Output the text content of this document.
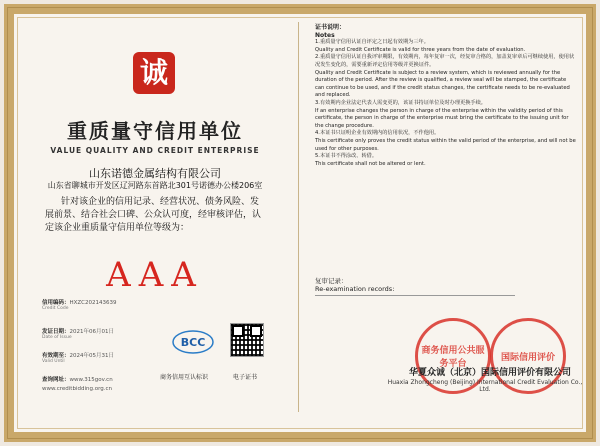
诚
重质量守信用单位
VALUE QUALITY AND CREDIT ENTERPRISE
山东诺德金属结构有限公司
山东省聊城市开发区辽河路东首路北301号诺德办公楼206室
针对该企业的信用记录、经营状况、债务风险、发展前景、结合社会口碑、公众认可度，经审核评估，认定该企业重质量守信用单位等级为：
AAA
信用编码：HXZC202143639
Credit Code
发证日期：2021年06月01日
Date of Issue
有效期至：2024年05月31日
Valid Until
查询网址：www.315gov.cn
www.creditbidding.org.cn
BCC
商务信用互认标识	电子证书

证书说明：

Notes

1.重质量守信用认证自评定之日起有效期为三年。

Quality and Credit Certificate is valid for three years from the date of evaluation.

2.重质量守信用认证自我评审期限，有效期内，每年复审一次，经复审合格的，加盖复审章后可继续使用，使用状况发生变化的，需要重新评定信用等级并更换证件。

Quality and Credit Certificate is subject to a review system, which is reviewed annually for the duration of the period. After the review is qualified, a review seal will be stamped, the certificate can continue to be used, and if the credit status changes, the certificate needs to be re-evaluated and replaced.

3.有效期内企业法定代表人需变更的，该证书持证单位及时办理更换手续。

If an enterprise changes the person in charge of the enterprise within the validity period of this certificate, the person in charge of the enterprise must bring the certificate to the issuing unit for the change procedure.

4.本证书只证明企业有效期内的信用状况，不作他用。

This certificate only proves the credit status within the valid period of the enterprise, and will not be used for other purposes.

5.本证书不得涂改、转借。

This certificate shall not be altered or lent.

复审记录：
Re-examination records:
商务信用公共服务平台
国际信用评价
华夏众诚（北京）国际信用评价有限公司
Huaxia Zhongcheng (Beijing) International Credit Evaluation Co., Ltd.
